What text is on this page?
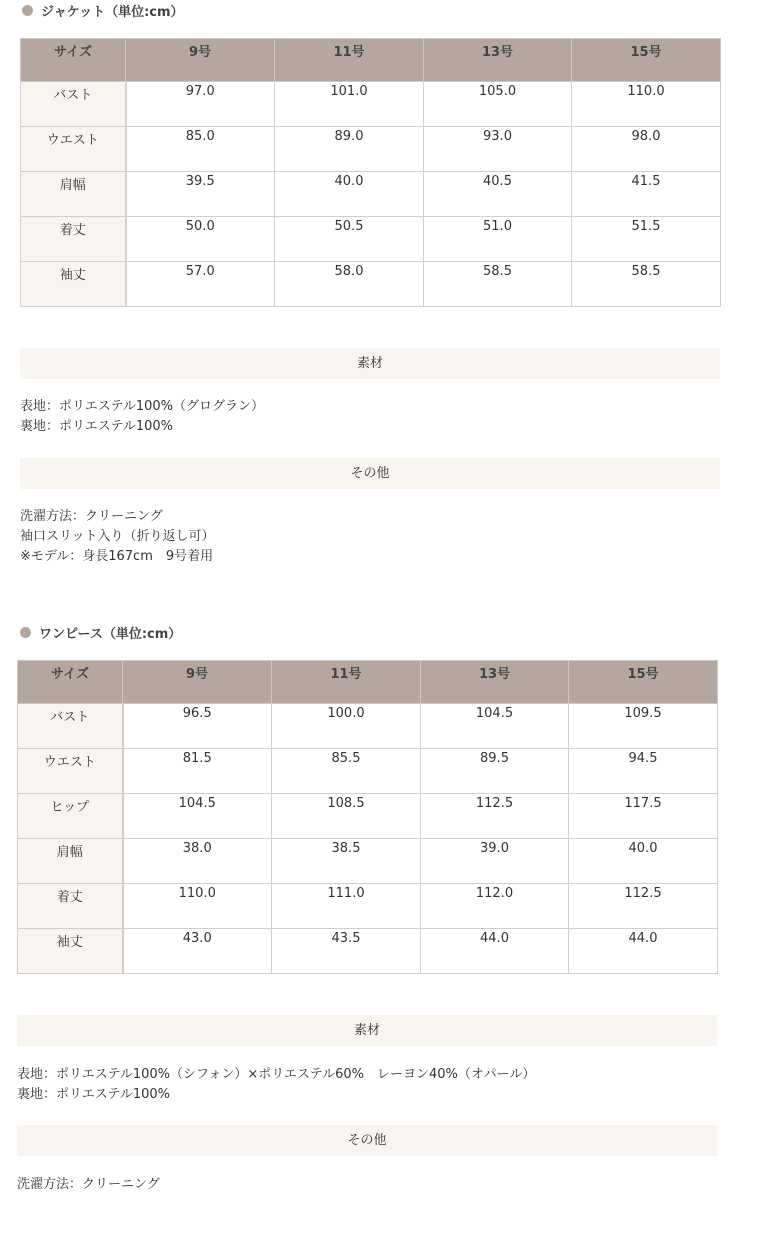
ジャケット（単位:cm）
サイズ	9号	11号	13号	15号
バスト	97.0	101.0	105.0	110.0
ウエスト	85.0	89.0	93.0	98.0
肩幅	39.5	40.0	40.5	41.5
着丈	50.0	50.5	51.0	51.5
袖丈	57.0	58.0	58.5	58.5
素材
表地：ポリエステル100%（グログラン）
裏地：ポリエステル100%
その他
洗濯方法：クリーニング
袖口スリット入り（折り返し可）
※モデル：身長167cm　9号着用
ワンピース（単位:cm）
サイズ	9号	11号	13号	15号
バスト	96.5	100.0	104.5	109.5
ウエスト	81.5	85.5	89.5	94.5
ヒップ	104.5	108.5	112.5	117.5
肩幅	38.0	38.5	39.0	40.0
着丈	110.0	111.0	112.0	112.5
袖丈	43.0	43.5	44.0	44.0
素材
表地：ポリエステル100%（シフォン）×ポリエステル60%　レーヨン40%（オパール）
裏地：ポリエステル100%
その他
洗濯方法：クリーニング
